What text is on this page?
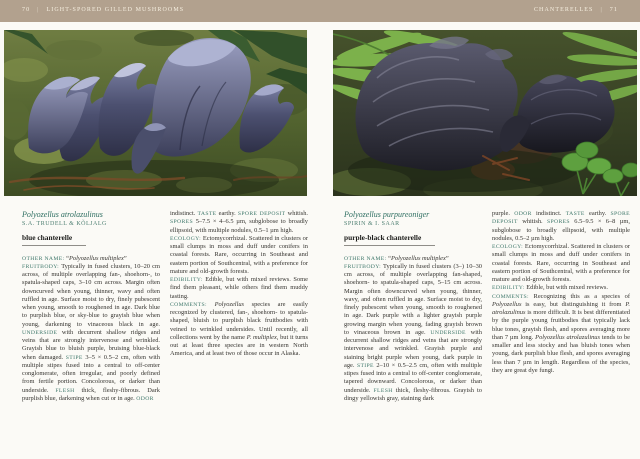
70 | LIGHT-SPORED GILLED MUSHROOMS	CHANTERELLES | 71
Polyozellus atrolazulinus
S.A. TRUDELL & KÕLJALG
blue chanterelle

OTHER NAME: “Polyozellus multiplex”

FRUITBODY: Typically in fused clusters, 10–20 cm across, of multiple overlapping fan-, shoehorn-, to spatula-shaped caps, 3–10 cm across. Margin often downcurved when young, thinner, wavy and often ruffled in age. Surface moist to dry, finely pubescent when young, smooth to roughened in age. Dark blue to purplish blue, or sky-blue to grayish blue when young, darkening to vinaceous black in age. UNDERSIDE with decurrent shallow ridges and veins that are strongly intervenose and wrinkled. Grayish blue to bluish purple, bruising blue-black when damaged. STIPE 3–5 × 0.5–2 cm, often with multiple stipes fused into a central to off-center conglomerate, often irregular, and poorly defined from fertile portion. Concolorous, or darker than underside. FLESH thick, fleshy-fibrous. Dark purplish blue, darkening when cut or in age. ODOR

indistinct. TASTE earthy. SPORE DEPOSIT whitish. SPORES 5–7.5 × 4–6.5 µm, subglobose to broadly ellipsoid, with multiple nodules, 0.5–1 µm high.

ECOLOGY: Ectomycorrhizal. Scattered in clusters or small clumps in moss and duff under conifers in coastal forests. Rare, occurring in Southeast and eastern portion of Southcentral, with a preference for mature and old-growth forests.

EDIBILITY: Edible, but with mixed reviews. Some find them pleasant, while others find them muddy tasting.

COMMENTS: Polyozellus species are easily recognized by clustered, fan-, shoehorn- to spatula-shaped, bluish to purplish black fruitbodies with veined to wrinkled undersides. Until recently, all collections went by the name P. multiplex, but it turns out at least three species are in western North America, and at least two of those occur in Alaska.

Polyozellus purpureoniger
SPIRIN & I. SAAR
purple-black chanterelle

OTHER NAME: “Polyozellus multiplex”

FRUITBODY: Typically in fused clusters (3–) 10–30 cm across, of multiple overlapping fan-shaped, shoehorn- to spatula-shaped caps, 5–15 cm across. Margin often downcurved when young, thinner, wavy, and often ruffled in age. Surface moist to dry, finely pubescent when young, smooth to roughened in age. Dark purple with a lighter grayish purple growing margin when young, fading grayish brown to vinaceous brown in age. UNDERSIDE with decurrent shallow ridges and veins that are strongly intervenose and wrinkled. Grayish purple and staining bright purple when young, dark purple in age. STIPE 2–10 × 0.5–2.5 cm, often with multiple stipes fused into a central to off-center conglomerate, tapered downward. Concolorous, or darker than underside. FLESH thick, fleshy-fibrous. Grayish to dingy yellowish gray, staining dark

purple. ODOR indistinct. TASTE earthy. SPORE DEPOSIT whitish. SPORES 6.5–9.5 × 6–8 µm, subglobose to broadly ellipsoid, with multiple nodules, 0.5–2 µm high.

ECOLOGY: Ectomycorrhizal. Scattered in clusters or small clumps in moss and duff under conifers in coastal forests. Rare, occurring in Southeast and eastern portion of Southcentral, with a preference for mature and old-growth forests.

EDIBILITY: Edible, but with mixed reviews.

COMMENTS: Recognizing this as a species of Polyozellus is easy, but distinguishing it from P. atrolazulinus is more difficult. It is best differentiated by the purple young fruitbodies that typically lack blue tones, grayish flesh, and spores averaging more than 7 µm long. Polyozellus atrolazulinus tends to be smaller and less stocky and has bluish tones when young, dark purplish blue flesh, and spores averaging less than 7 µm in length. Regardless of the species, they are great dye fungi.
